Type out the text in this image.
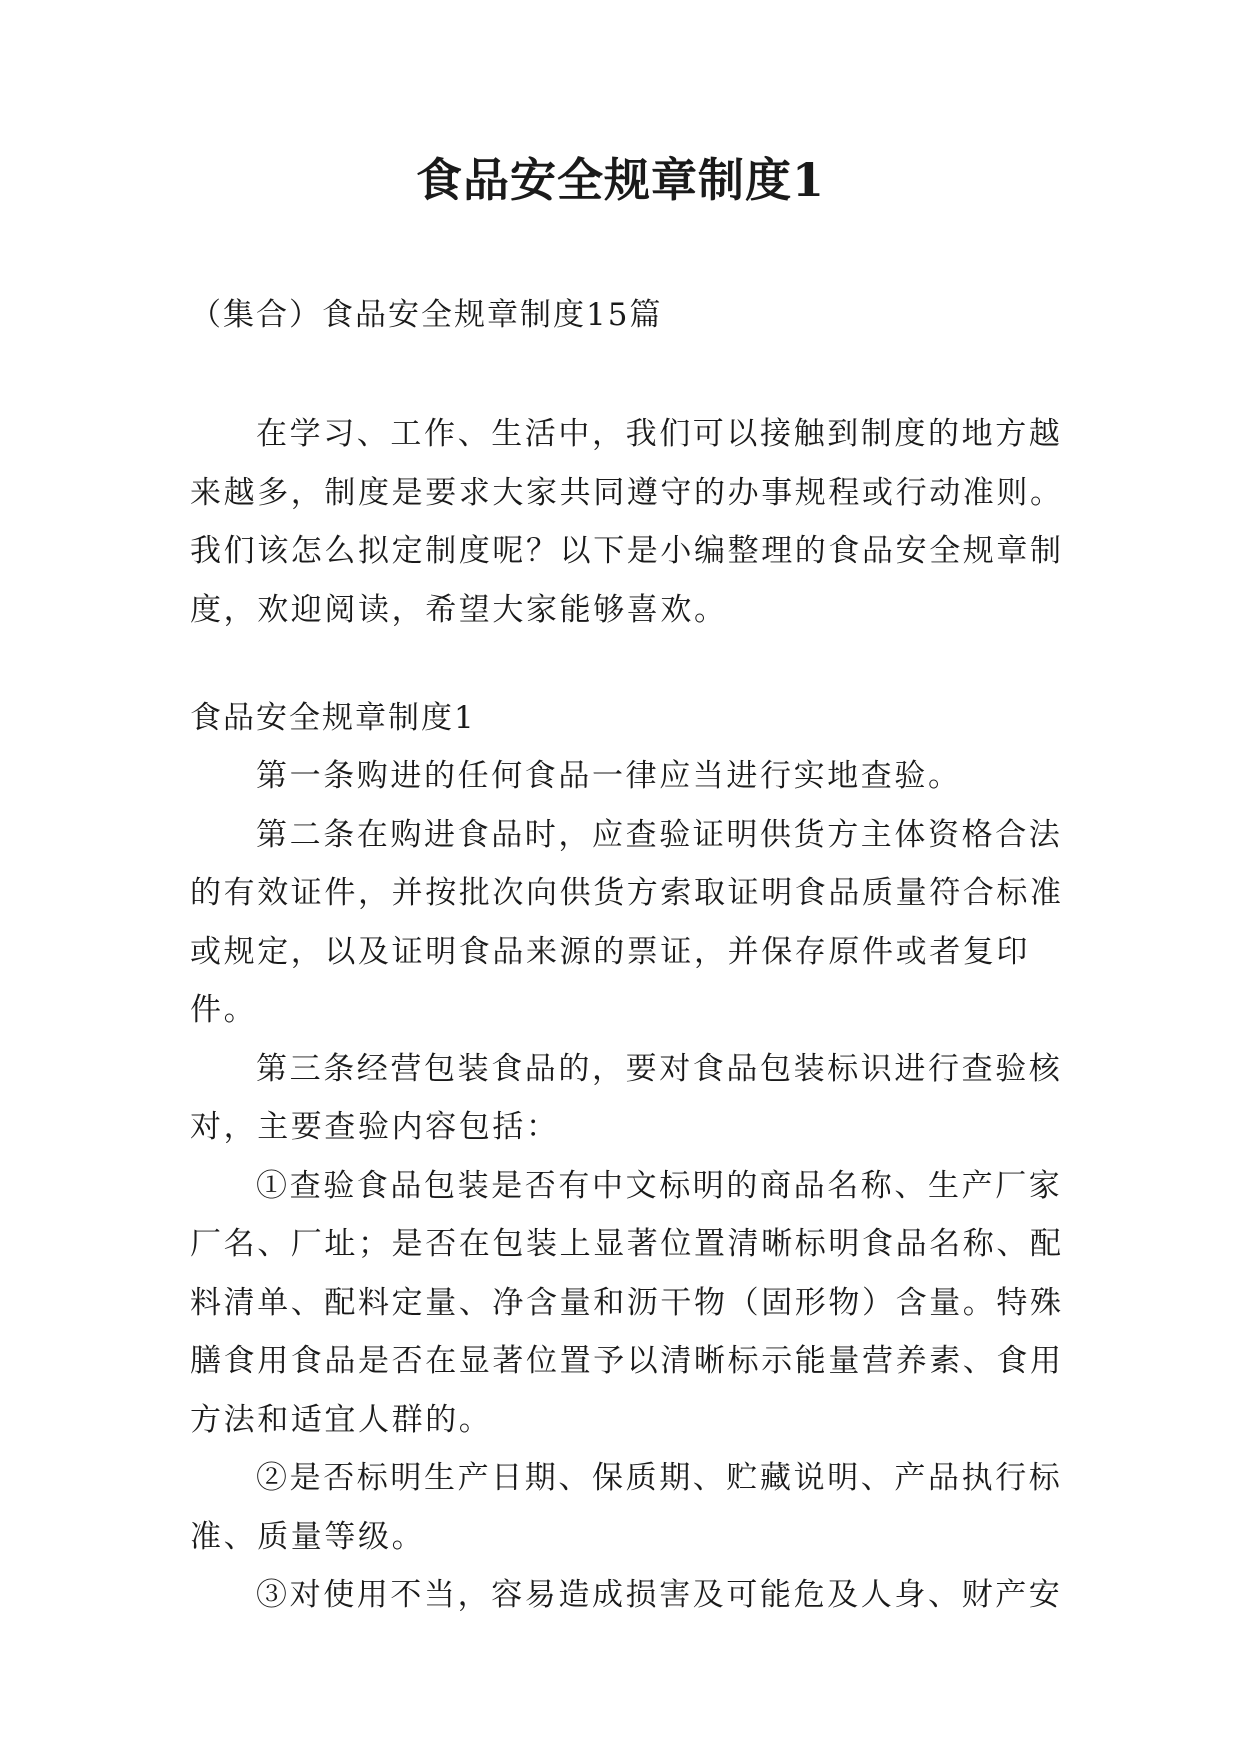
食品安全规章制度1

（集合）食品安全规章制度15篇

在学习、工作、生活中，我们可以接触到制度的地方越来越多，制度是要求大家共同遵守的办事规程或行动准则。我们该怎么拟定制度呢？以下是小编整理的食品安全规章制度，欢迎阅读，希望大家能够喜欢。

食品安全规章制度1

第一条购进的任何食品一律应当进行实地查验。

第二条在购进食品时，应查验证明供货方主体资格合法的有效证件，并按批次向供货方索取证明食品质量符合标准或规定，以及证明食品来源的票证，并保存原件或者复印件。

第三条经营包装食品的，要对食品包装标识进行查验核对，主要查验内容包括：

①查验食品包装是否有中文标明的商品名称、生产厂家厂名、厂址；是否在包装上显著位置清晰标明食品名称、配料清单、配料定量、净含量和沥干物（固形物）含量。特殊膳食用食品是否在显著位置予以清晰标示能量营养素、食用方法和适宜人群的。

②是否标明生产日期、保质期、贮藏说明、产品执行标准、质量等级。

③对使用不当，容易造成损害及可能危及人身、财产安
